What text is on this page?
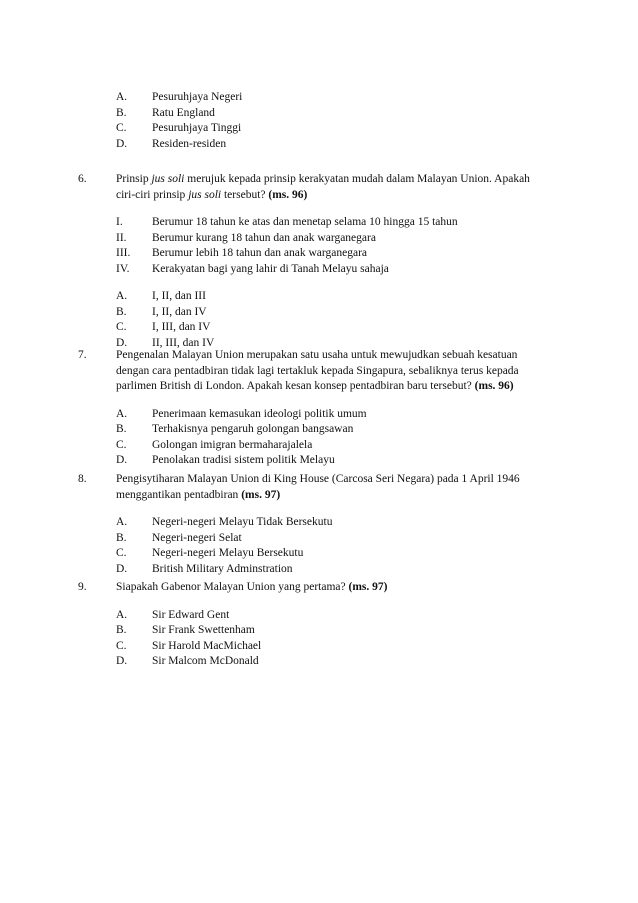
A.	Pesuruhjaya Negeri
B.	Ratu England
C.	Pesuruhjaya Tinggi
D.	Residen-residen
6.	Prinsip jus soli merujuk kepada prinsip kerakyatan mudah dalam Malayan Union. Apakah
ciri-ciri prinsip jus soli tersebut? (ms. 96)
I.	Berumur 18 tahun ke atas dan menetap selama 10 hingga 15 tahun
II.	Berumur kurang 18 tahun dan anak warganegara
III.	Berumur lebih 18 tahun dan anak warganegara
IV.	Kerakyatan bagi yang lahir di Tanah Melayu sahaja
A.	I, II, dan III
B.	I, II, dan IV
C.	I, III, dan IV
D.	II, III, dan IV
7.	Pengenalan Malayan Union merupakan satu usaha untuk mewujudkan sebuah kesatuan
dengan cara pentadbiran tidak lagi tertakluk kepada Singapura, sebaliknya terus kepada
parlimen British di London. Apakah kesan konsep pentadbiran baru tersebut? (ms. 96)
A.	Penerimaan kemasukan ideologi politik umum
B.	Terhakisnya pengaruh golongan bangsawan
C.	Golongan imigran bermaharajalela
D.	Penolakan tradisi sistem politik Melayu
8.	Pengisytiharan Malayan Union di King House (Carcosa Seri Negara) pada 1 April 1946
menggantikan pentadbiran (ms. 97)
A.	Negeri-negeri Melayu Tidak Bersekutu
B.	Negeri-negeri Selat
C.	Negeri-negeri Melayu Bersekutu
D.	British Military Adminstration
9.	Siapakah Gabenor Malayan Union yang pertama? (ms. 97)
A.	Sir Edward Gent
B.	Sir Frank Swettenham
C.	Sir Harold MacMichael
D.	Sir Malcom McDonald
